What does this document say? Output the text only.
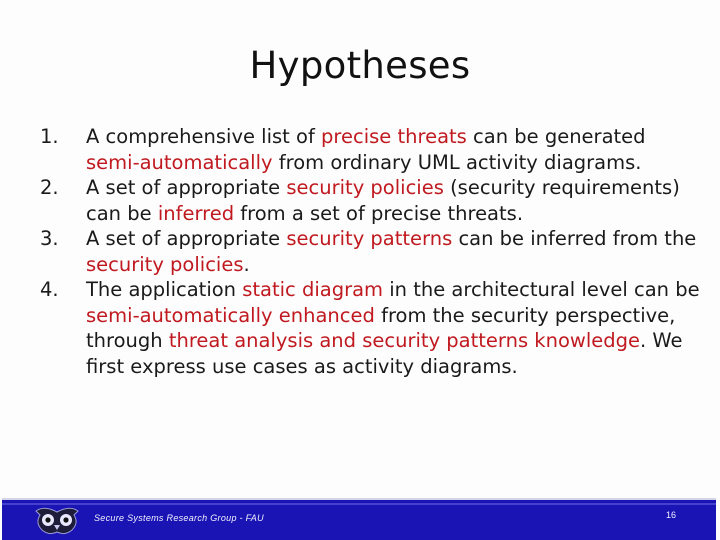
Hypotheses
1. A comprehensive list of precise threats can be generated semi-automatically from ordinary UML activity diagrams.
2. A set of appropriate security policies (security requirements) can be inferred from a set of precise threats.
3. A set of appropriate security patterns can be inferred from the security policies.
4. The application static diagram in the architectural level can be semi-automatically enhanced from the security perspective, through threat analysis and security patterns knowledge. We first express use cases as activity diagrams.
Secure Systems Research Group - FAU	16
